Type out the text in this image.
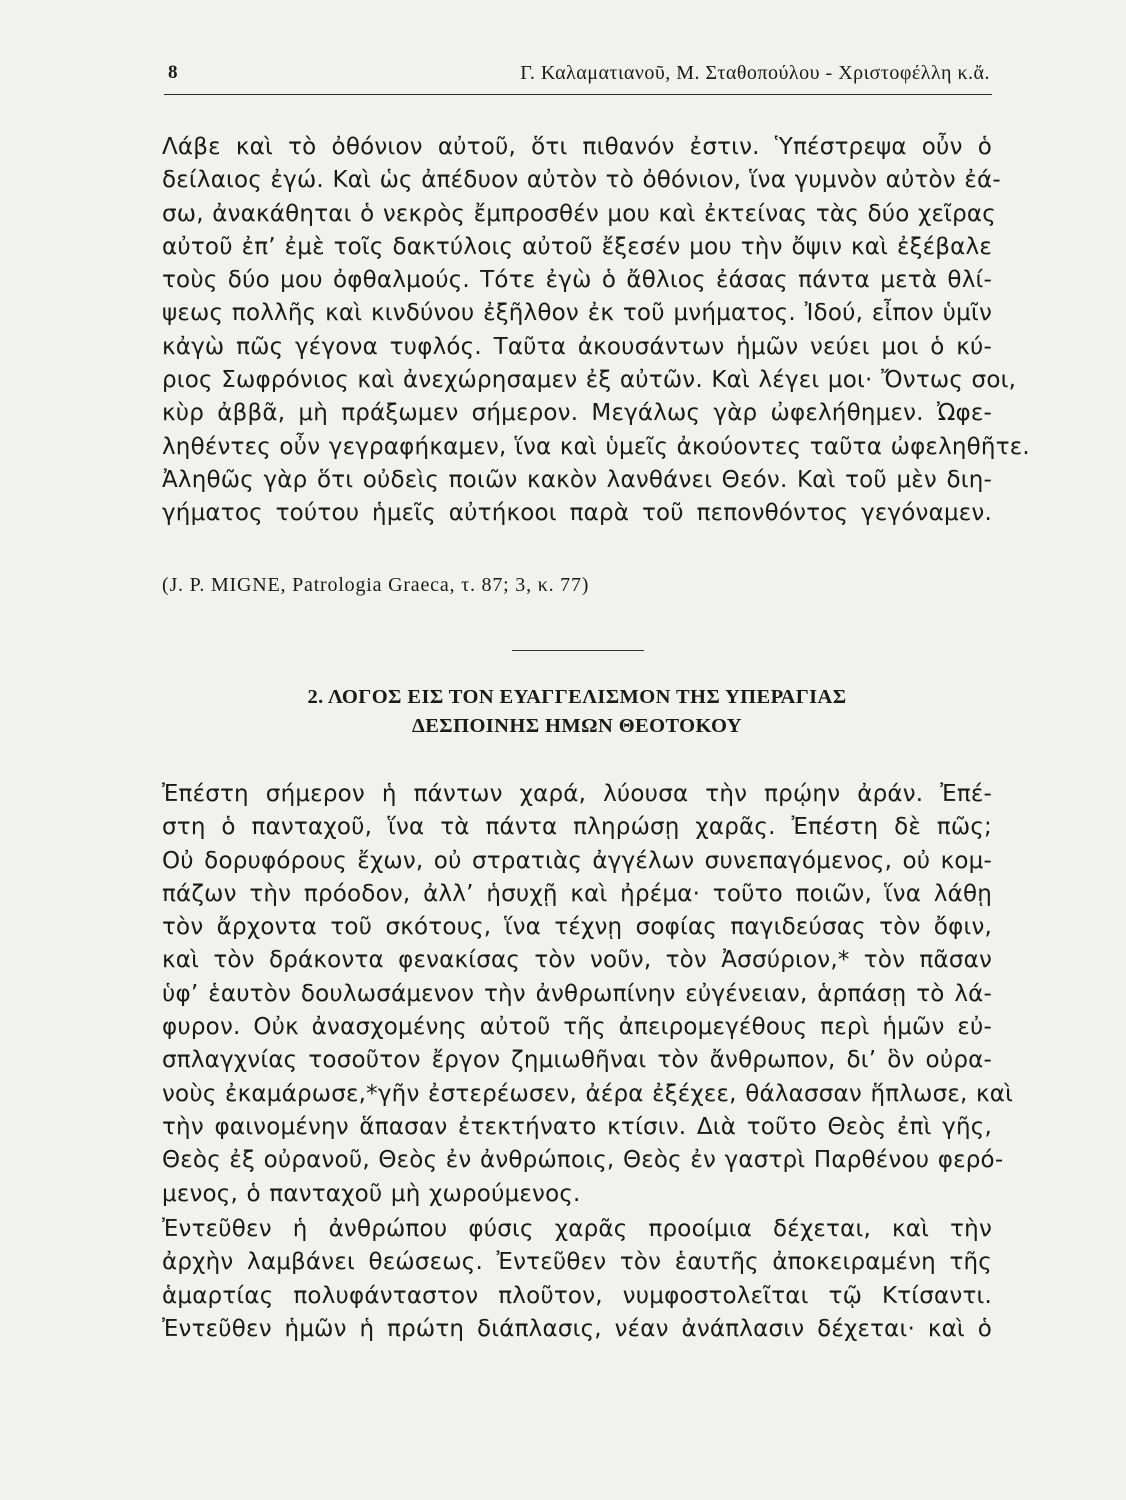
8	Γ. Καλαματιανοῦ, Μ. Σταθοπούλου - Χριστοφέλλη κ.ἄ.
Λάβε καὶ τὸ ὀθόνιον αὐτοῦ, ὅτι πιθανόν ἐστιν. Ὑπέστρεψα οὖν ὁ
δείλαιος ἐγώ. Καὶ ὡς ἀπέδυον αὐτὸν τὸ ὀθόνιον, ἵνα γυμνὸν αὐτὸν ἐά-
σω, ἀνακάθηται ὁ νεκρὸς ἔμπροσθέν μου καὶ ἐκτείνας τὰς δύο χεῖρας
αὐτοῦ ἐπ’ ἐμὲ τοῖς δακτύλοις αὐτοῦ ἔξεσέν μου τὴν ὄψιν καὶ ἐξέβαλε
τοὺς δύο μου ὀφθαλμούς. Τότε ἐγὼ ὁ ἄθλιος ἐάσας πάντα μετὰ θλί-
ψεως πολλῆς καὶ κινδύνου ἐξῆλθον ἐκ τοῦ μνήματος. Ἰδού, εἶπον ὑμῖν
κἀγὼ πῶς γέγονα τυφλός. Ταῦτα ἀκουσάντων ἡμῶν νεύει μοι ὁ κύ-
ριος Σωφρόνιος καὶ ἀνεχώρησαμεν ἐξ αὐτῶν. Καὶ λέγει μοι· Ὄντως σοι,
κὺρ ἀββᾶ, μὴ πράξωμεν σήμερον. Μεγάλως γὰρ ὠφελήθημεν. Ὠφε-
ληθέντες οὖν γεγραφήκαμεν, ἵνα καὶ ὑμεῖς ἀκούοντες ταῦτα ὠφεληθῆτε.
Ἀληθῶς γὰρ ὅτι οὐδεὶς ποιῶν κακὸν λανθάνει Θεόν. Καὶ τοῦ μὲν διη-
γήματος τούτου ἡμεῖς αὐτήκοοι παρὰ τοῦ πεπονθόντος γεγόναμεν.
(J. P. MIGNE, Patrologia Graeca, τ. 87; 3, κ. 77)
2. ΛΟΓΟΣ ΕΙΣ ΤΟΝ ΕΥΑΓΓΕΛΙΣΜΟΝ ΤΗΣ ΥΠΕΡΑΓΙΑΣ
ΔΕΣΠΟΙΝΗΣ ΗΜΩΝ ΘΕΟΤΟΚΟΥ
Ἐπέστη σήμερον ἡ πάντων χαρά, λύουσα τὴν πρῴην ἀράν. Ἐπέ-
στη ὁ πανταχοῦ, ἵνα τὰ πάντα πληρώσῃ χαρᾶς. Ἐπέστη δὲ πῶς;
Οὐ δορυφόρους ἔχων, οὐ στρατιὰς ἀγγέλων συνεπαγόμενος, οὐ κομ-
πάζων τὴν πρόοδον, ἀλλ’ ἡσυχῇ καὶ ἠρέμα· τοῦτο ποιῶν, ἵνα λάθῃ
τὸν ἄρχοντα τοῦ σκότους, ἵνα τέχνῃ σοφίας παγιδεύσας τὸν ὄφιν,
καὶ τὸν δράκοντα φενακίσας τὸν νοῦν, τὸν Ἀσσύριον,* τὸν πᾶσαν
ὑφ’ ἑαυτὸν δουλωσάμενον τὴν ἀνθρωπίνην εὐγένειαν, ἁρπάσῃ τὸ λά-
φυρον. Οὐκ ἀνασχομένης αὐτοῦ τῆς ἀπειρομεγέθους περὶ ἡμῶν εὐ-
σπλαγχνίας τοσοῦτον ἔργον ζημιωθῆναι τὸν ἄνθρωπον, δι’ ὃν οὐρα-
νοὺς ἐκαμάρωσε,*γῆν ἐστερέωσεν, ἀέρα ἐξέχεε, θάλασσαν ἥπλωσε, καὶ
τὴν φαινομένην ἅπασαν ἐτεκτήνατο κτίσιν. Διὰ τοῦτο Θεὸς ἐπὶ γῆς,
Θεὸς ἐξ οὐρανοῦ, Θεὸς ἐν ἀνθρώποις, Θεὸς ἐν γαστρὶ Παρθένου φερό-
μενος, ὁ πανταχοῦ μὴ χωρούμενος.
Ἐντεῦθεν ἡ ἀνθρώπου φύσις χαρᾶς προοίμια δέχεται, καὶ τὴν
ἀρχὴν λαμβάνει θεώσεως. Ἐντεῦθεν τὸν ἑαυτῆς ἀποκειραμένη τῆς
ἁμαρτίας πολυφάνταστον πλοῦτον, νυμφοστολεῖται τῷ Κτίσαντι.
Ἐντεῦθεν ἡμῶν ἡ πρώτη διάπλασις, νέαν ἀνάπλασιν δέχεται· καὶ ὁ
